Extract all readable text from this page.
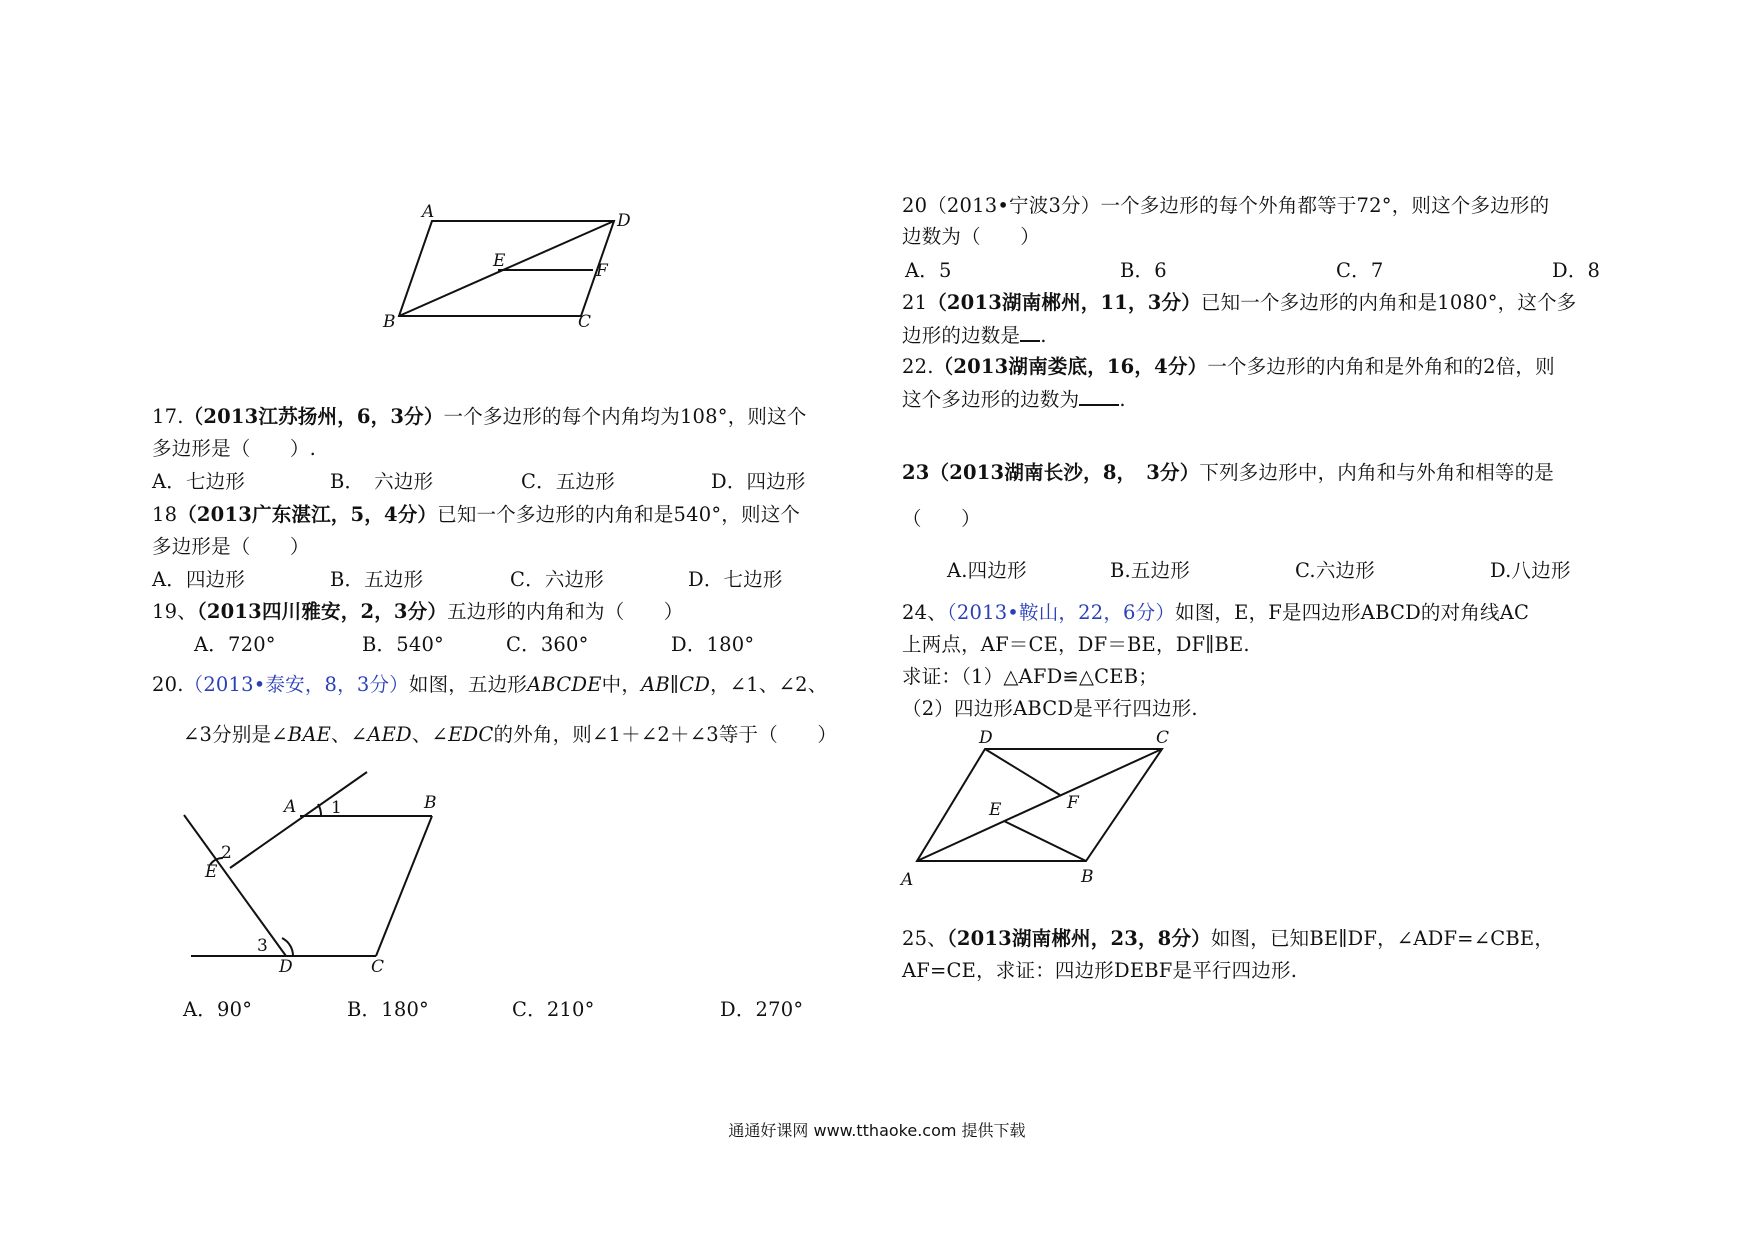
A	D
E	F
B	C
17.（2013江苏扬州，6，3分）一个多边形的每个内角均为108°，则这个
多边形是（　　）.
A．七边形	B．　六边形	C．五边形	D．四边形
18（2013广东湛江，5，4分）已知一个多边形的内角和是540°，则这个
多边形是（　　）
A．四边形	B．五边形	C．六边形	D．七边形
19、（2013四川雅安，2，3分）五边形的内角和为（　　）
A．720°	B．540°	C．360°	D．180°
20.（2013•泰安，8，3分）如图，五边形ABCDE中，AB∥CD，∠1、∠2、
∠3分别是∠BAE、∠AED、∠EDC的外角，则∠1＋∠2＋∠3等于（　　）
A 1	B
2
E
3
D	C
A．90°	B．180°	C．210°	D．270°
20（2013•宁波3分）一个多边形的每个外角都等于72°，则这个多边形的
边数为（　　）
A．5	B．6	C．7	D．8
21（2013湖南郴州，11，3分）已知一个多边形的内角和是1080°，这个多
边形的边数是 .
22.（2013湖南娄底，16，4分）一个多边形的内角和是外角和的2倍，则
这个多边形的边数为 .
23（2013湖南长沙，8，　3分）下列多边形中，内角和与外角和相等的是
（　　）
A.四边形	B.五边形	C.六边形	D.八边形
24、（2013•鞍山，22，6分）如图，E，F是四边形ABCD的对角线AC
上两点，AF＝CE，DF＝BE，DF∥BE.
求证：（1）△AFD≌△CEB；
（2）四边形ABCD是平行四边形.
D	C
E	F
A	B
25、（2013湖南郴州，23，8分）如图，已知BE∥DF，∠ADF=∠CBE，
AF=CE，求证：四边形DEBF是平行四边形.
通通好课网 www.tthaoke.com 提供下载
